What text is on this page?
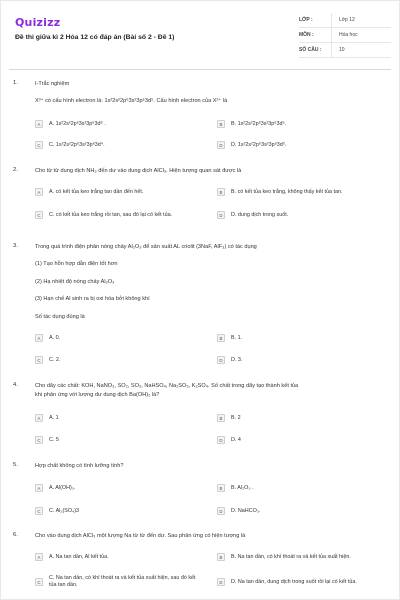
Quizizz
Đề thi giữa kì 2 Hóa 12 có đáp án (Bài số 2 - Đề 1)
LỚP :	Lớp 12
MÔN :	Hóa học
SỐ CÂU :	10
1.	I-Trắc nghiệm
X³⁺ có cấu hình electron là: 1s²2s²2p⁶3s²3p⁶3d⁵. Cấu hình electron của X²⁺ là
A	A. 1s²2s²2p⁶3s²3p⁶3d⁶ .	B	B. 1s²2s²2p⁶3s²3p⁶3d⁵.
C	C. 1s²2s²2p⁶3s²3p⁶3d⁴.	D	D. 1s²2s²2p⁶3s²3p⁶3d³.
2.	Cho từ từ dung dịch NH₃ đến dư vào dung dịch AlCl₃. Hiện tượng quan sát được là
A	A. có kết tủa keo trắng tan dần đến hết.	B	B. có kết tủa keo trắng, không thấy kết tủa tan.
C	C. có kết tủa keo trắng rồi tan, sau đó lại có kết tủa.	D	D. dung dịch trong suốt.
3.	Trong quá trình điện phân nóng chảy Al₂O₃ để sản xuất AL criolit (3NaF, AlF₃) có tác dụng
(1) Tạo hỗn hợp dẫn điện tốt hơn
(2) Hạ nhiệt độ nóng chảy Al₂O₃
(3) Hạn chế Al sinh ra bị oxi hóa bởi không khí
Số tác dụng đúng là
A	A. 0.	B	B. 1.
C	C. 2.	D	D. 3.
4.	Cho dãy các chất: KOH, NaNO₃, SO₂, SO₃, NaHSO₄, Na₂SO₃, K₂SO₄. Số chất trong dãy tạo thành kết tủa
khi phản ứng với lượng dư dung dịch Ba(OH)₂ là?
A	A. 1	B	B. 2
C	C. 5	D	D. 4
5.	Hợp chất không có tính lưỡng tính?
A	A. Al(OH)₃.	B	B. Al₂O₃ .
C	C. Al₂(SO₄)3	D	D. NaHCO₃.
6.	Cho vào dung dịch AlCl₃ một lượng Na từ từ đến dư. Sau phản ứng có hiện tượng là
A	A. Na tan dần, Al kết tủa.	B	B. Na tan dần, có khí thoát ra và kết tủa xuất hiện.
C
C. Na tan dần, có khí thoát ra và kết tủa xuất hiện, sau đó kết tủa tan dần.	D	D. Na tan dần, dung dịch trong suốt rồi lại có kết tủa.
